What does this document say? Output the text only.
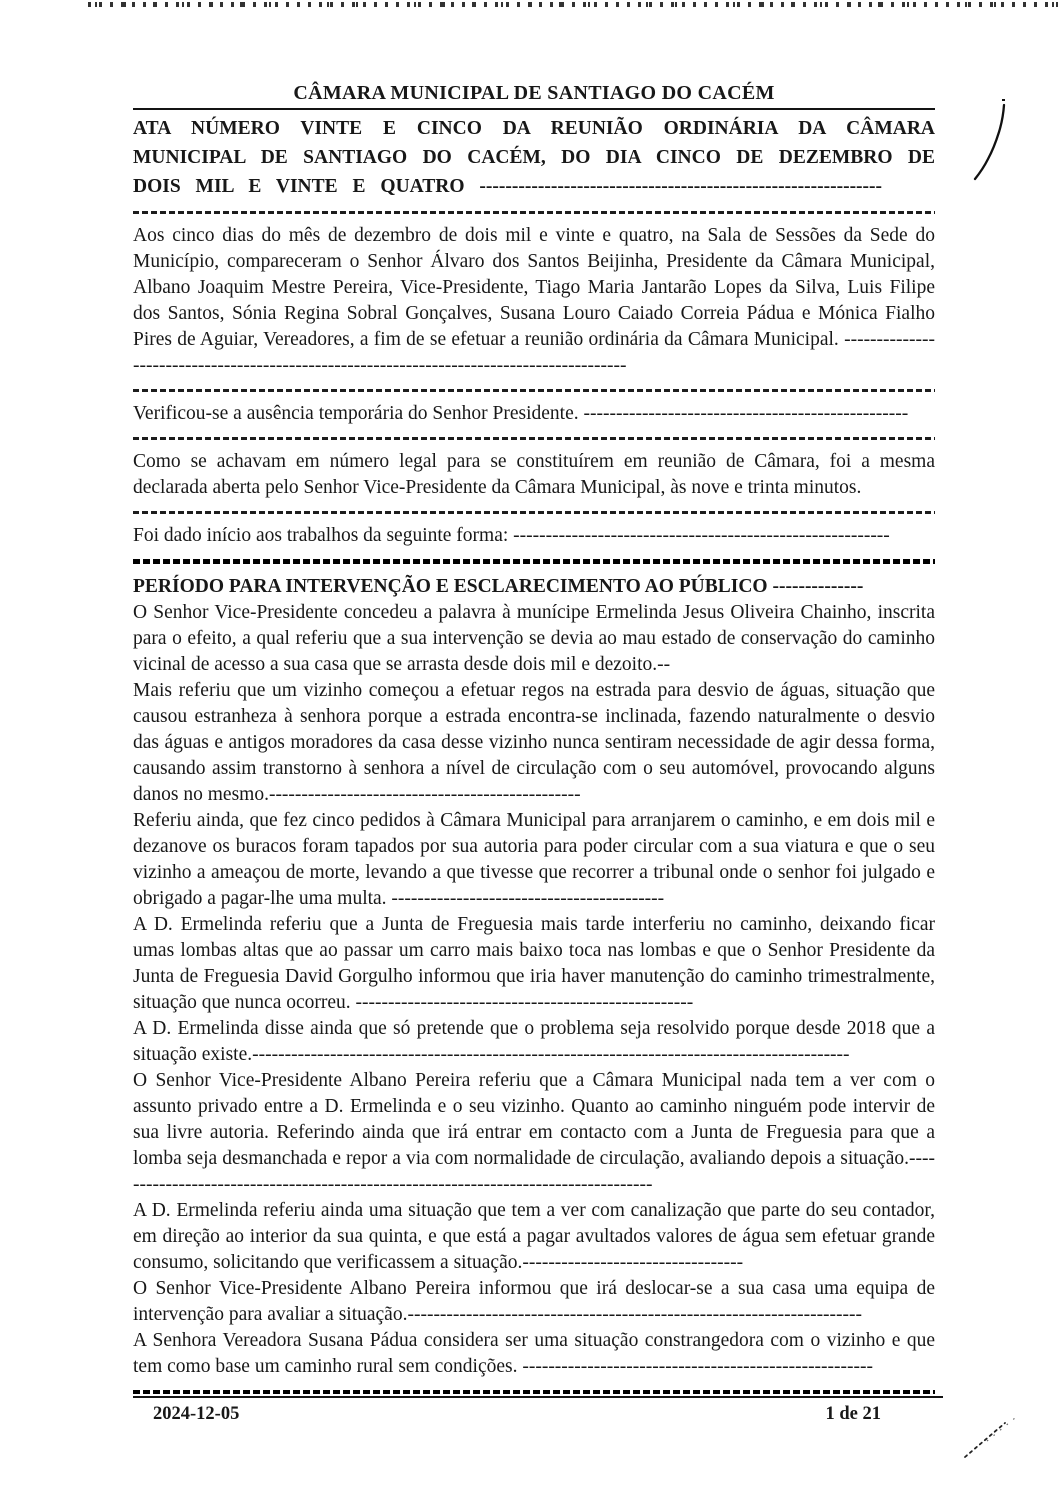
CÂMARA MUNICIPAL DE SANTIAGO DO CACÉM

ATA NÚMERO VINTE E CINCO DA REUNIÃO ORDINÁRIA DA CÂMARA MUNICIPAL DE SANTIAGO DO CACÉM, DO DIA CINCO DE DEZEMBRO DE DOIS MIL E VINTE E QUATRO --------------------------------------------------------------

Aos cinco dias do mês de dezembro de dois mil e vinte e quatro, na Sala de Sessões da Sede do Município, compareceram o Senhor Álvaro dos Santos Beijinha, Presidente da Câmara Municipal, Albano Joaquim Mestre Pereira, Vice-Presidente, Tiago Maria Jantarão Lopes da Silva, Luis Filipe dos Santos, Sónia Regina Sobral Gonçalves, Susana Louro Caiado Correia Pádua e Mónica Fialho Pires de Aguiar, Vereadores, a fim de se efetuar a reunião ordinária da Câmara Municipal. ------------------------------------------------------------------------------------------

Verificou-se a ausência temporária do Senhor Presidente. --------------------------------------------------

Como se achavam em número legal para se constituírem em reunião de Câmara, foi a mesma declarada aberta pelo Senhor Vice-Presidente da Câmara Municipal, às nove e trinta minutos.

Foi dado início aos trabalhos da seguinte forma: ----------------------------------------------------------

PERÍODO PARA INTERVENÇÃO E ESCLARECIMENTO AO PÚBLICO --------------

O Senhor Vice-Presidente concedeu a palavra à munícipe Ermelinda Jesus Oliveira Chainho, inscrita para o efeito, a qual referiu que a sua intervenção se devia ao mau estado de conservação do caminho vicinal de acesso a sua casa que se arrasta desde dois mil e dezoito.--

Mais referiu que um vizinho começou a efetuar regos na estrada para desvio de águas, situação que causou estranheza à senhora porque a estrada encontra-se inclinada, fazendo naturalmente o desvio das águas e antigos moradores da casa desse vizinho nunca sentiram necessidade de agir dessa forma, causando assim transtorno à senhora a nível de circulação com o seu automóvel, provocando alguns danos no mesmo.------------------------------------------------

Referiu ainda, que fez cinco pedidos à Câmara Municipal para arranjarem o caminho, e em dois mil e dezanove os buracos foram tapados por sua autoria para poder circular com a sua viatura e que o seu vizinho a ameaçou de morte, levando a que tivesse que recorrer a tribunal onde o senhor foi julgado e obrigado a pagar-lhe uma multa. ------------------------------------------

A D. Ermelinda referiu que a Junta de Freguesia mais tarde interferiu no caminho, deixando ficar umas lombas altas que ao passar um carro mais baixo toca nas lombas e que o Senhor Presidente da Junta de Freguesia David Gorgulho informou que iria haver manutenção do caminho trimestralmente, situação que nunca ocorreu. ----------------------------------------------------

A D. Ermelinda disse ainda que só pretende que o problema seja resolvido porque desde 2018 que a situação existe.--------------------------------------------------------------------------------------------

O Senhor Vice-Presidente Albano Pereira referiu que a Câmara Municipal nada tem a ver com o assunto privado entre a D. Ermelinda e o seu vizinho. Quanto ao caminho ninguém pode intervir de sua livre autoria. Referindo ainda que irá entrar em contacto com a Junta de Freguesia para que a lomba seja desmanchada e repor a via com normalidade de circulação, avaliando depois a situação.------------------------------------------------------------------------------------

A D. Ermelinda referiu ainda uma situação que tem a ver com canalização que parte do seu contador, em direção ao interior da sua quinta, e que está a pagar avultados valores de água sem efetuar grande consumo, solicitando que verificassem a situação.----------------------------------

O Senhor Vice-Presidente Albano Pereira informou que irá deslocar-se a sua casa uma equipa de intervenção para avaliar a situação.----------------------------------------------------------------------

A Senhora Vereadora Susana Pádua considera ser uma situação constrangedora com o vizinho e que tem como base um caminho rural sem condições. ------------------------------------------------------

2024-12-05	1 de 21
